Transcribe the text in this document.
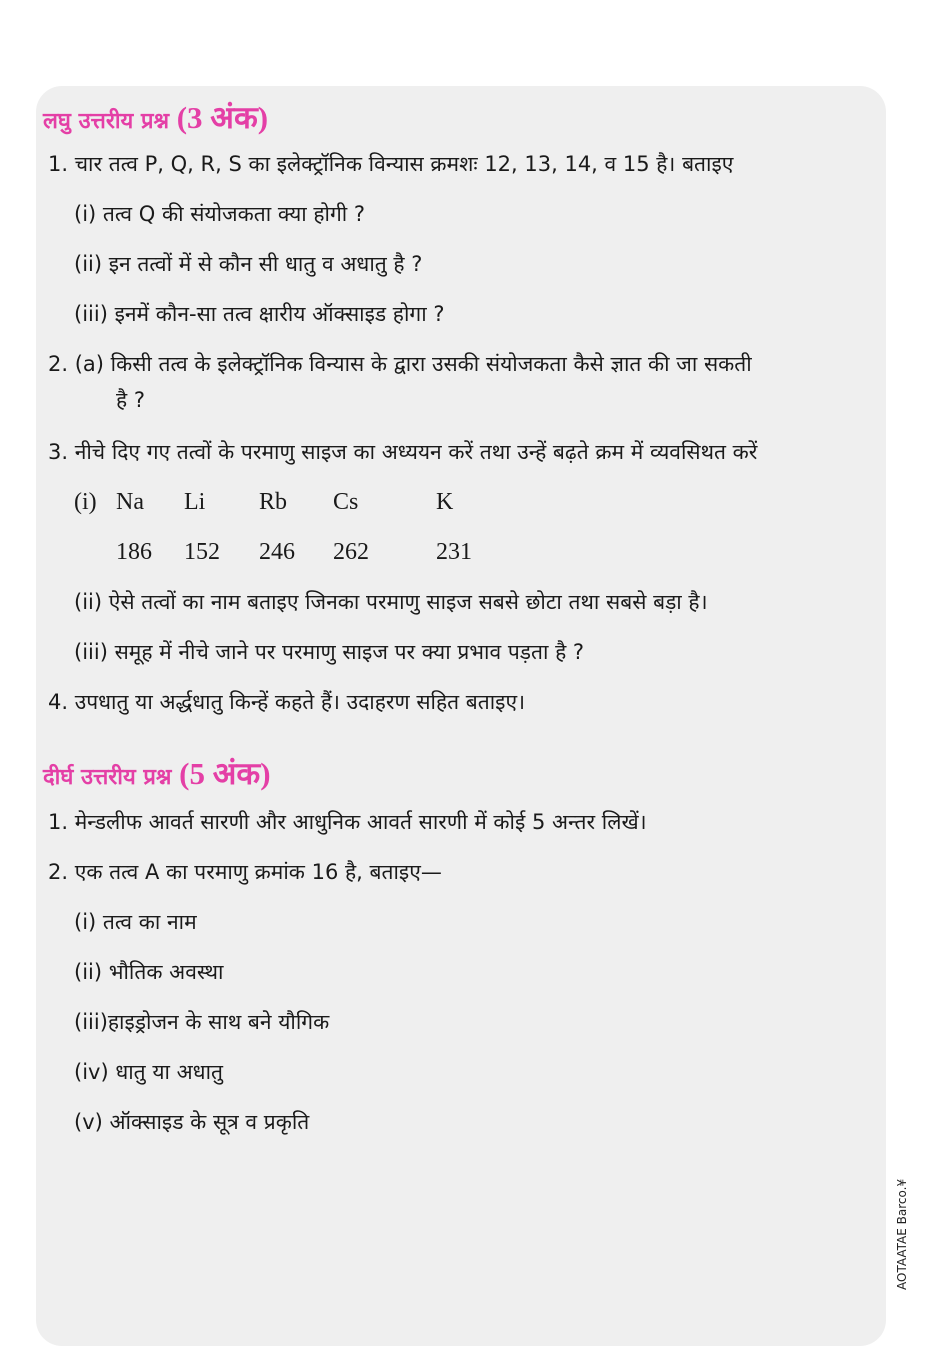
लघु उत्तरीय प्रश्न (3 अंक)
1. चार तत्व P, Q, R, S का इलेक्ट्रॉनिक विन्यास क्रमशः 12, 13, 14, व 15 है। बताइए
(i) तत्व Q की संयोजकता क्या होगी ?
(ii) इन तत्वों में से कौन सी धातु व अधातु है ?
(iii) इनमें कौन-सा तत्व क्षारीय ऑक्साइड होगा ?
2. (a) किसी तत्व के इलेक्ट्रॉनिक विन्यास के द्वारा उसकी संयोजकता कैसे ज्ञात की जा सकती
है ?
3. नीचे दिए गए तत्वों के परमाणु साइज का अध्ययन करें तथा उन्हें बढ़ते क्रम में व्यवसिथत करें
(i) Na Li Rb Cs	K
186 152 246 262	231
(ii) ऐसे तत्वों का नाम बताइए जिनका परमाणु साइज सबसे छोटा तथा सबसे बड़ा है।
(iii) समूह में नीचे जाने पर परमाणु साइज पर क्या प्रभाव पड़ता है ?
4. उपधातु या अर्द्धधातु किन्हें कहते हैं। उदाहरण सहित बताइए।
दीर्घ उत्तरीय प्रश्न (5 अंक)
1. मेन्डलीफ आवर्त सारणी और आधुनिक आवर्त सारणी में कोई 5 अन्तर लिखें।
2. एक तत्व A का परमाणु क्रमांक 16 है, बताइए—
(i) तत्व का नाम
(ii) भौतिक अवस्था
(iii)हाइड्रोजन के साथ बने यौगिक
(iv) धातु या अधातु
(v) ऑक्साइड के सूत्र व प्रकृति
AOTAATAE Barco.¥
